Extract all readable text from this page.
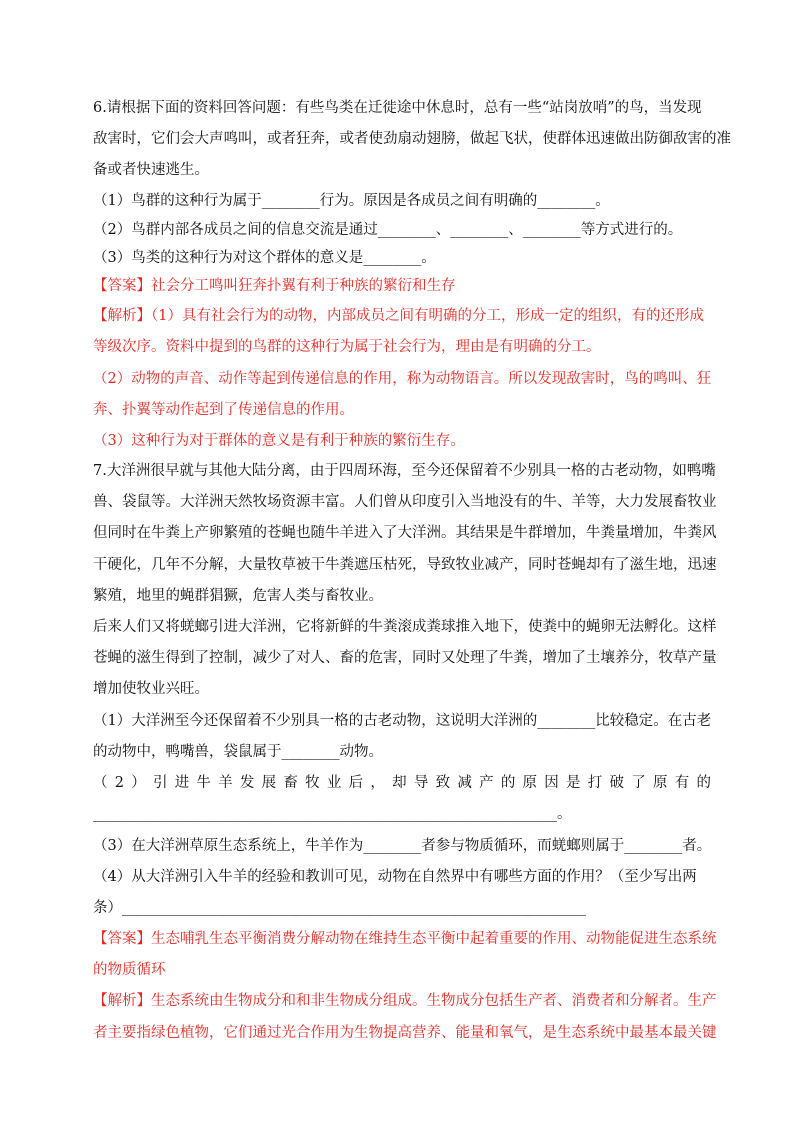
6.请根据下面的资料回答问题：有些鸟类在迁徙途中休息时，总有一些“站岗放哨”的鸟，当发现
敌害时，它们会大声鸣叫，或者狂奔，或者使劲扇动翅膀，做起飞状，使群体迅速做出防御敌害的准
备或者快速逃生。
（1）鸟群的这种行为属于________行为。原因是各成员之间有明确的________。
（2）鸟群内部各成员之间的信息交流是通过________、________、________等方式进行的。
（3）鸟类的这种行为对这个群体的意义是________。
【答案】社会分工鸣叫狂奔扑翼有利于种族的繁衍和生存
【解析】（1）具有社会行为的动物，内部成员之间有明确的分工，形成一定的组织，有的还形成
等级次序。资料中提到的鸟群的这种行为属于社会行为，理由是有明确的分工。
（2）动物的声音、动作等起到传递信息的作用，称为动物语言。所以发现敌害时，鸟的鸣叫、狂
奔、扑翼等动作起到了传递信息的作用。
（3）这种行为对于群体的意义是有利于种族的繁衍生存。
7.大洋洲很早就与其他大陆分离，由于四周环海，至今还保留着不少别具一格的古老动物，如鸭嘴
兽、袋鼠等。大洋洲天然牧场资源丰富。人们曾从印度引入当地没有的牛、羊等，大力发展畜牧业
但同时在牛粪上产卵繁殖的苍蝇也随牛羊进入了大洋洲。其结果是牛群增加，牛粪量增加，牛粪风
干硬化，几年不分解，大量牧草被干牛粪遮压枯死，导致牧业减产，同时苍蝇却有了滋生地，迅速
繁殖，地里的蝇群猖獗，危害人类与畜牧业。
后来人们又将蜣螂引进大洋洲，它将新鲜的牛粪滚成粪球推入地下，使粪中的蝇卵无法孵化。这样
苍蝇的滋生得到了控制，减少了对人、畜的危害，同时又处理了牛粪，增加了土壤养分，牧草产量
增加使牧业兴旺。
（1）大洋洲至今还保留着不少别具一格的古老动物，这说明大洋洲的________比较稳定。在古老
的动物中，鸭嘴兽，袋鼠属于________动物。
（2）引进牛羊发展畜牧业后，却导致减产的原因是打破了原有的
________________________________________________________________。
（3）在大洋洲草原生态系统上，牛羊作为________者参与物质循环，而蜣螂则属于________者。
（4）从大洋洲引入牛羊的经验和教训可见，动物在自然界中有哪些方面的作用？（至少写出两
条）________________________________________________________________
【答案】生态哺乳生态平衡消费分解动物在维持生态平衡中起着重要的作用、动物能促进生态系统
的物质循环
【解析】生态系统由生物成分和和非生物成分组成。生物成分包括生产者、消费者和分解者。生产
者主要指绿色植物，它们通过光合作用为生物提高营养、能量和氧气，是生态系统中最基本最关键
